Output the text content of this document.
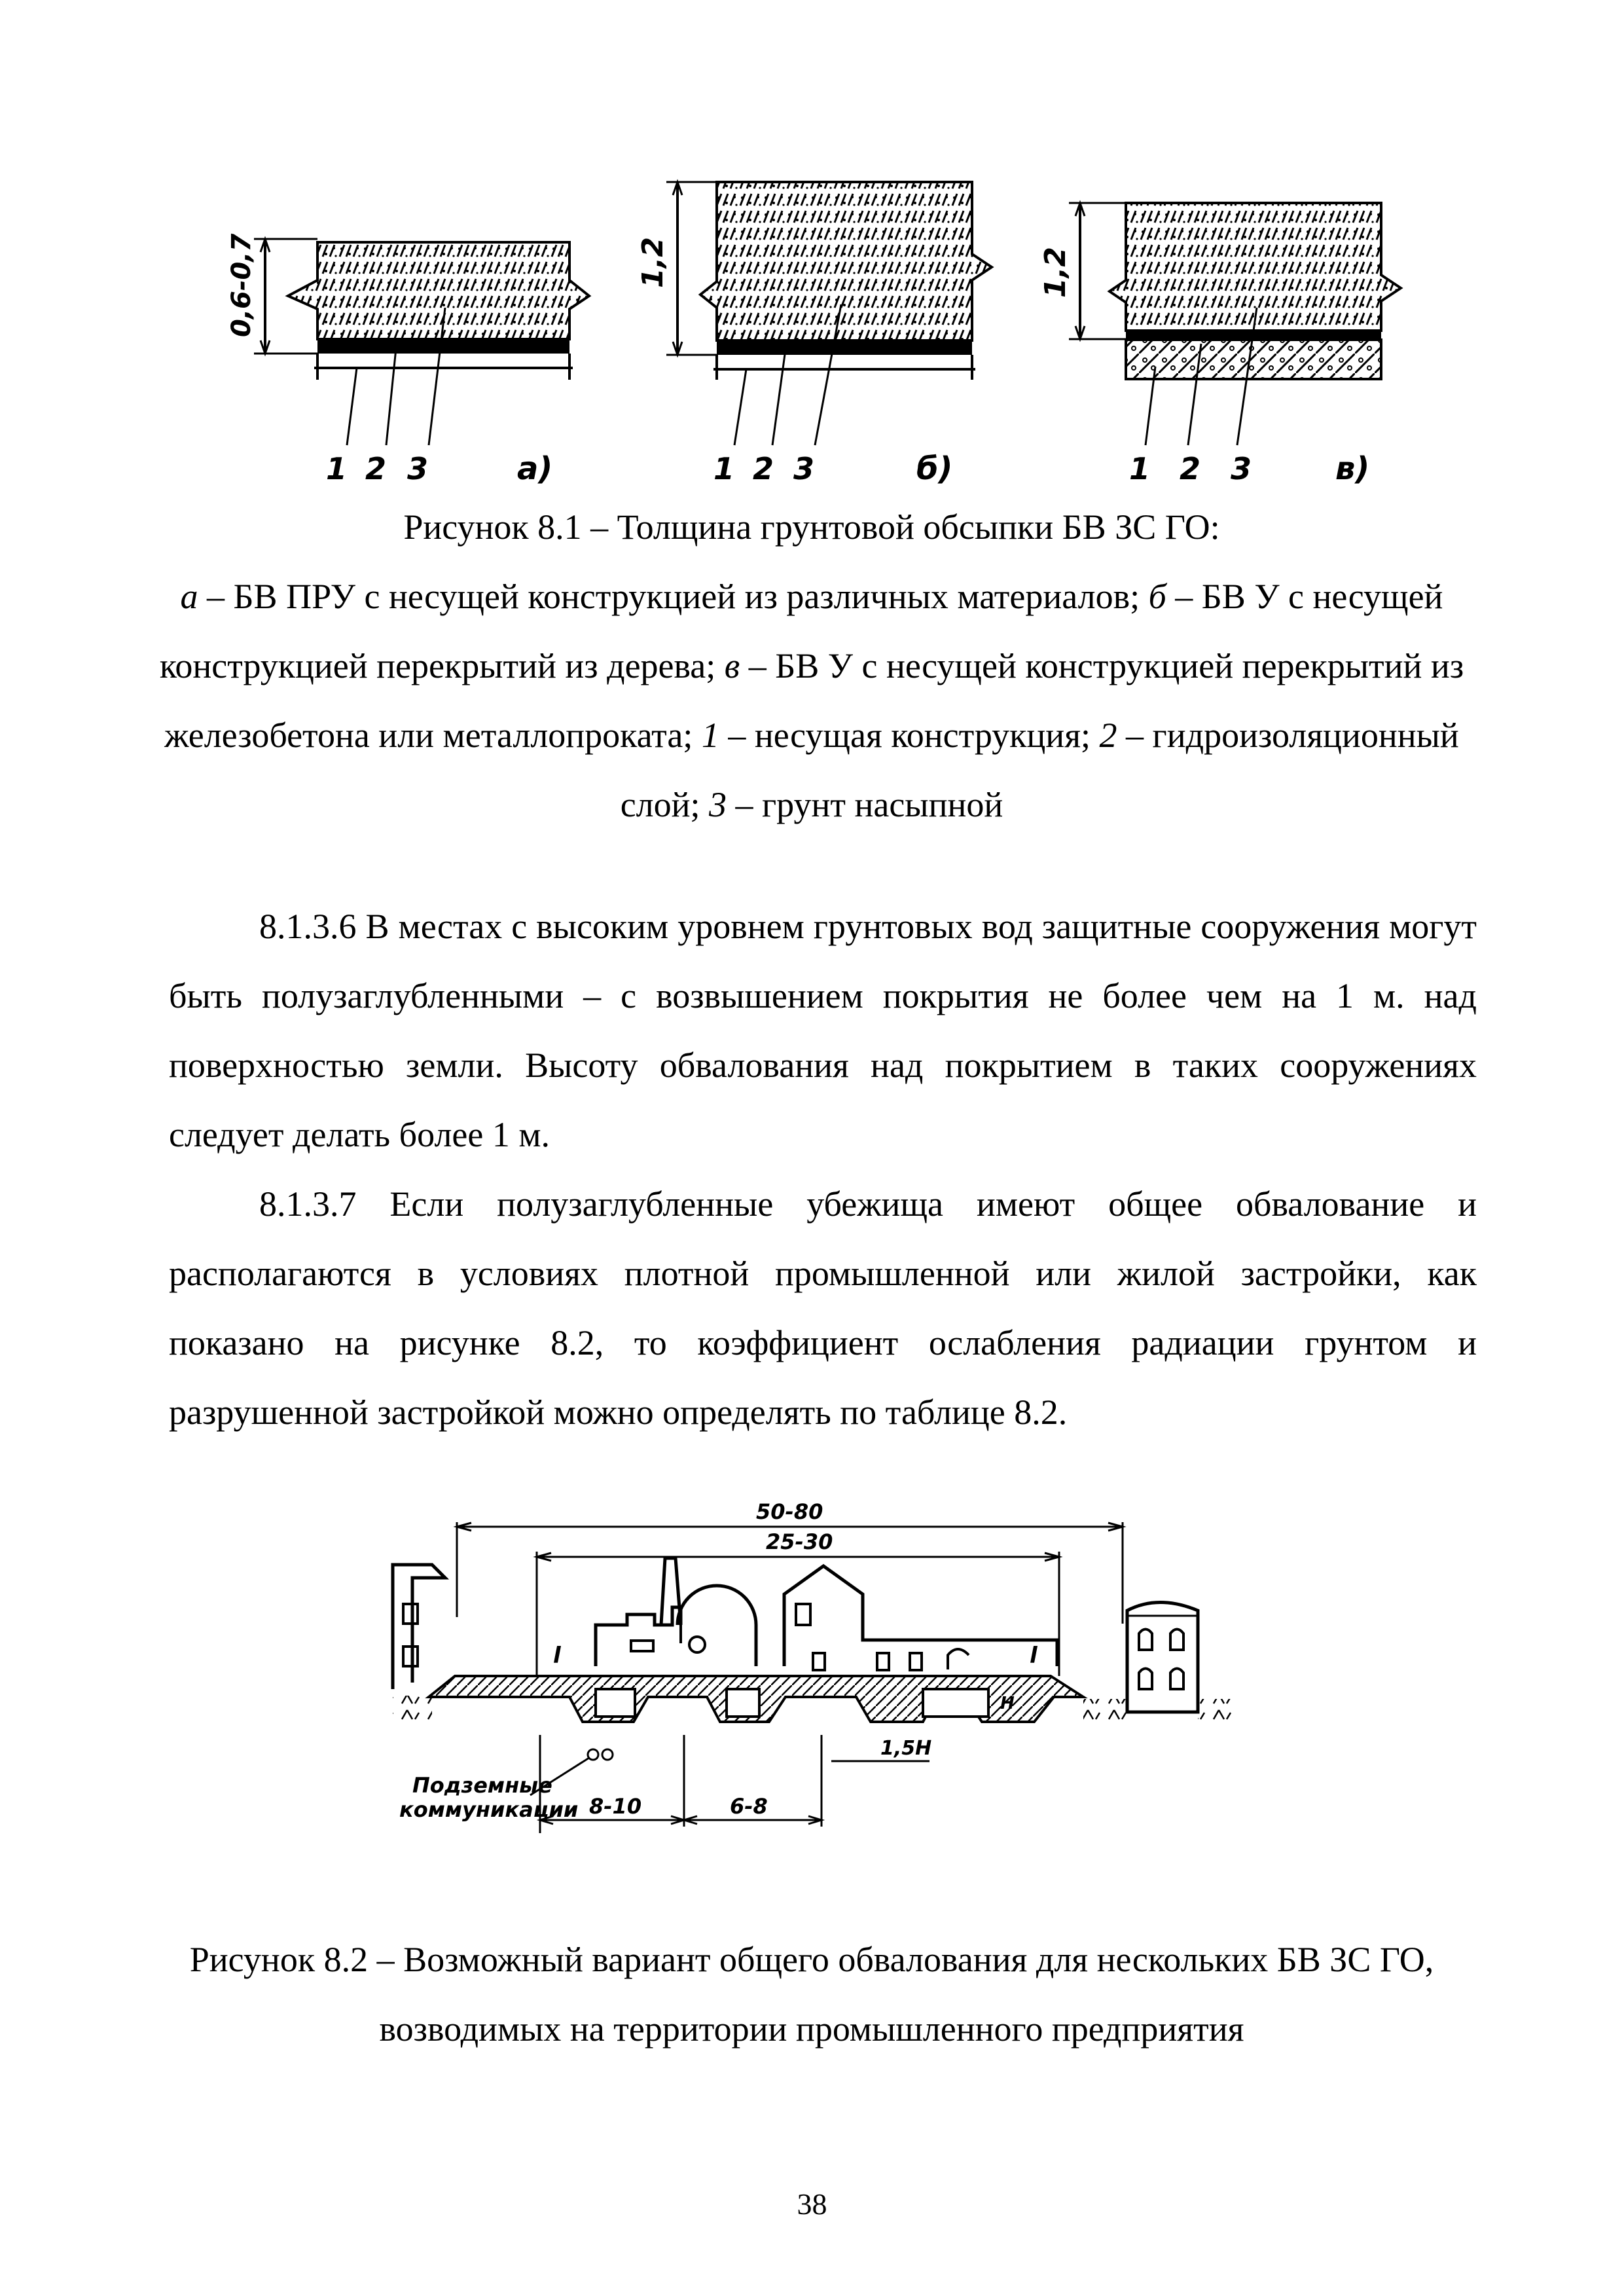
0,6-0,7
1 2 3	а)
1,2
1 2 3	б)
1,2
1 2 3	в)
Рисунок 8.1 – Толщина грунтовой обсыпки БВ ЗС ГО:
а – БВ ПРУ с несущей конструкцией из различных материалов; б – БВ У с несущей конструкцией перекрытий из дерева; в – БВ У с несущей конструкцией перекрытий из железобетона или металлопроката; 1 – несущая конструкция; 2 – гидроизоляционный слой; 3 – грунт насыпной

8.1.3.6 В местах с высоким уровнем грунтовых вод защитные сооружения могут быть полузаглубленными – с возвышением покрытия не более чем на 1 м. над поверхностью земли. Высоту обвалования над покрытием в таких сооружениях следует делать более 1 м.

8.1.3.7 Если полузаглубленные убежища имеют общее обвалование и располагаются в условиях плотной промышленной или жилой застройки, как показано на рисунке 8.2, то коэффициент ослабления радиации грунтом и разрушенной застройкой можно определять по таблице 8.2.

50-80
25-30
l	l
H
8-10	6-8
1,5H
Подземные
коммуникации
Рисунок 8.2 – Возможный вариант общего обвалования для нескольких БВ ЗС ГО, возводимых на территории промышленного предприятия
38
